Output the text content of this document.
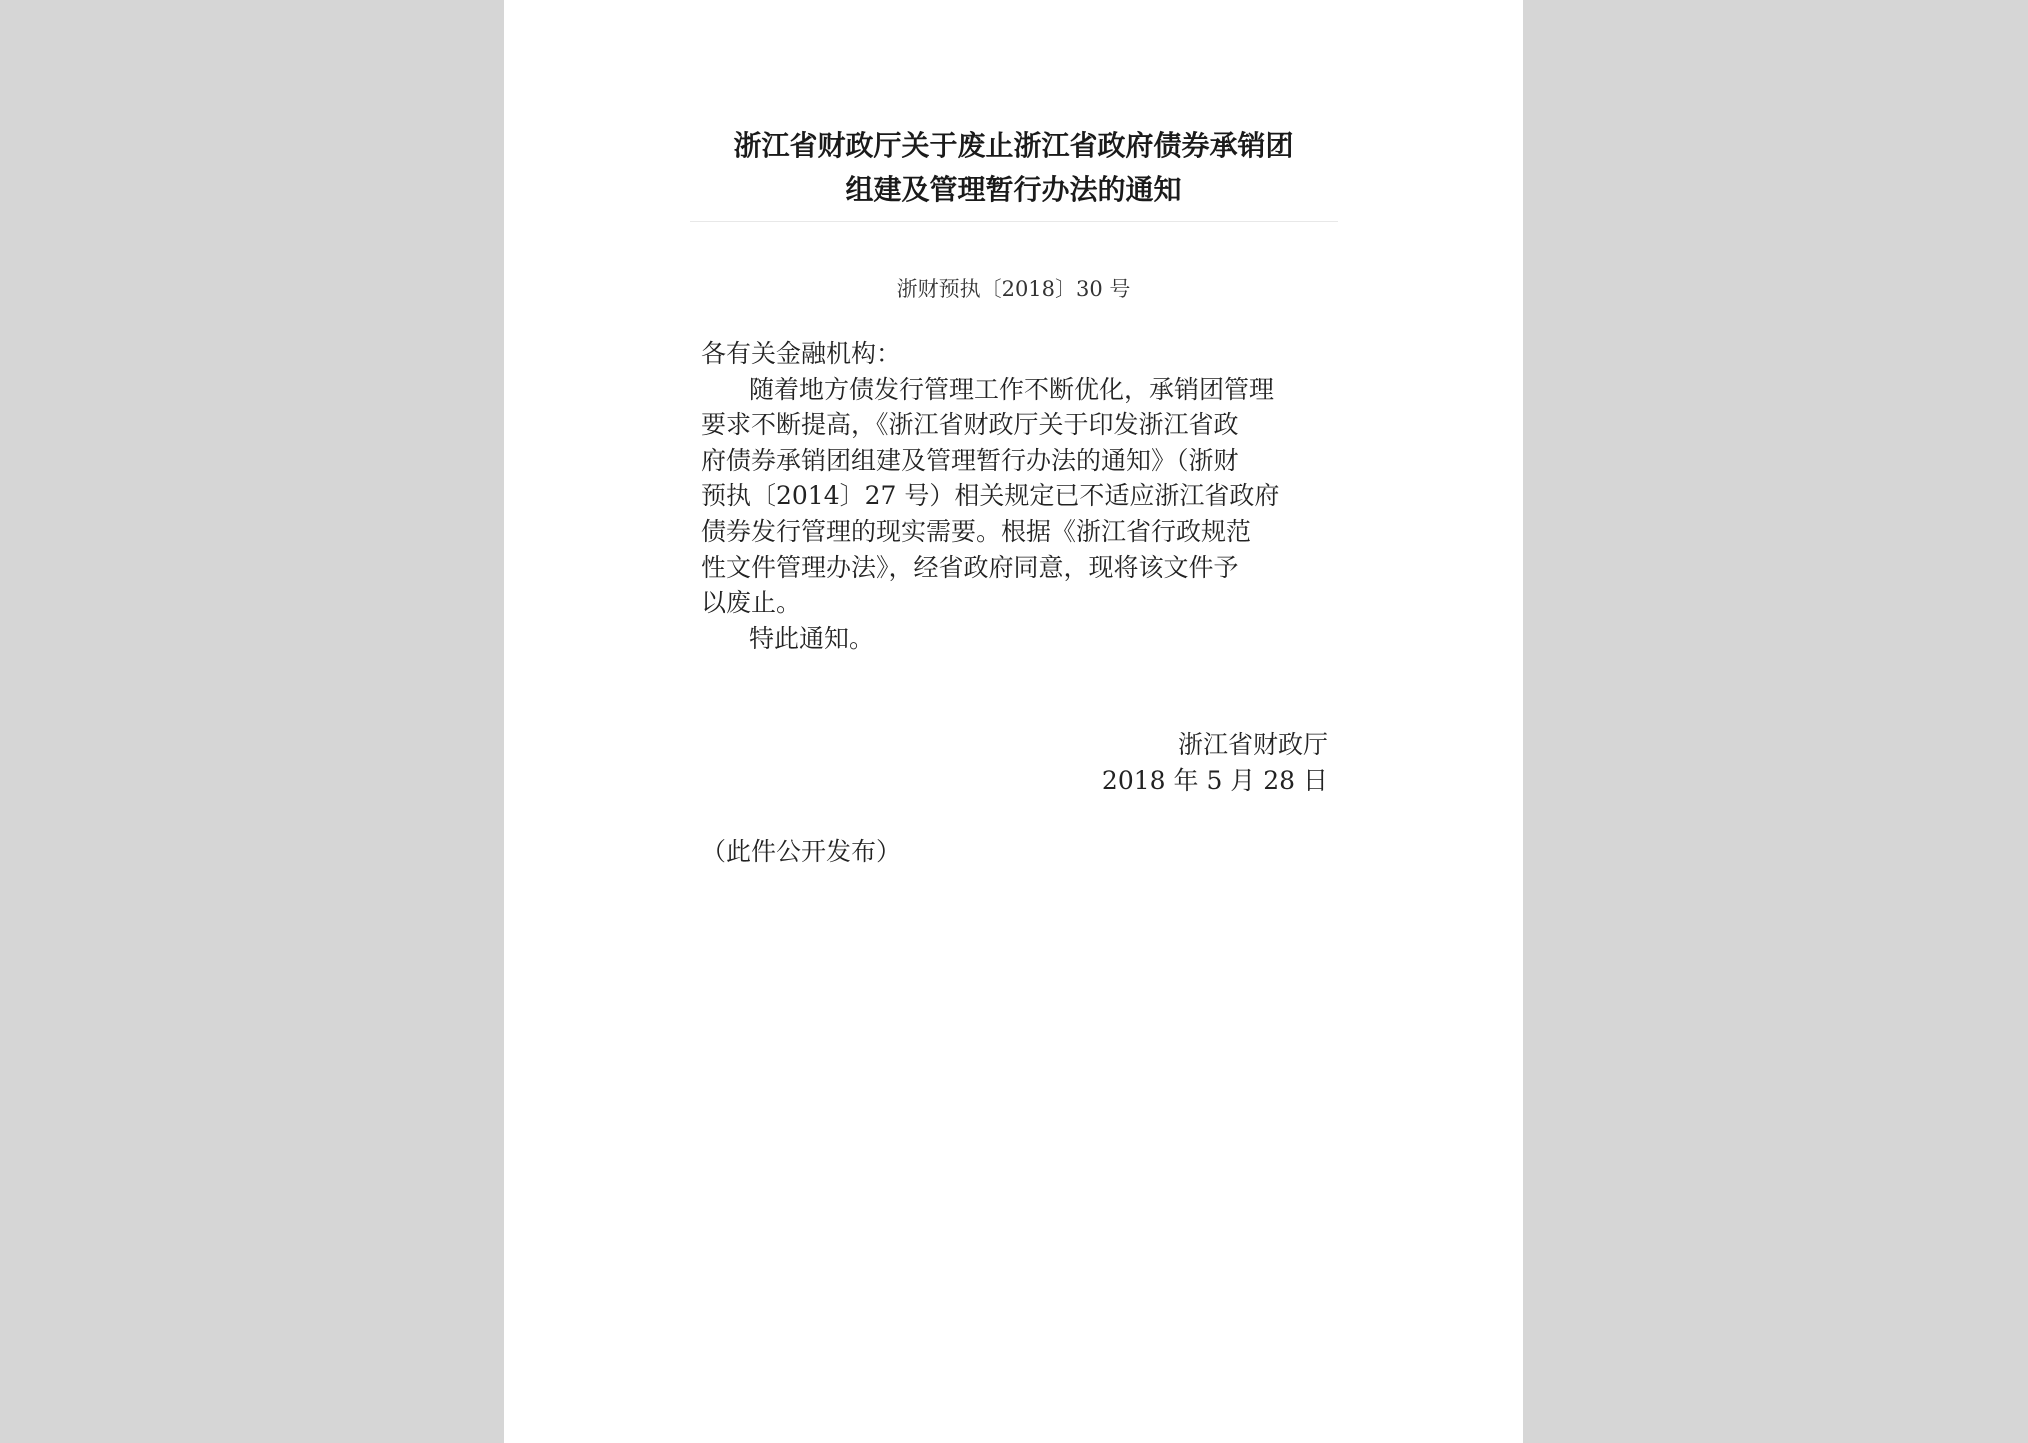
浙江省财政厅关于废止浙江省政府债券承销团
组建及管理暂行办法的通知
浙财预执〔2018〕30 号

各有关金融机构：

随着地方债发行管理工作不断优化，承销团管理
要求不断提高，《浙江省财政厅关于印发浙江省政
府债券承销团组建及管理暂行办法的通知》（浙财
预执〔2014〕27 号）相关规定已不适应浙江省政府
债券发行管理的现实需要。根据《浙江省行政规范
性文件管理办法》，经省政府同意，现将该文件予
以废止。

特此通知。

浙江省财政厅
2018 年 5 月 28 日
（此件公开发布）
